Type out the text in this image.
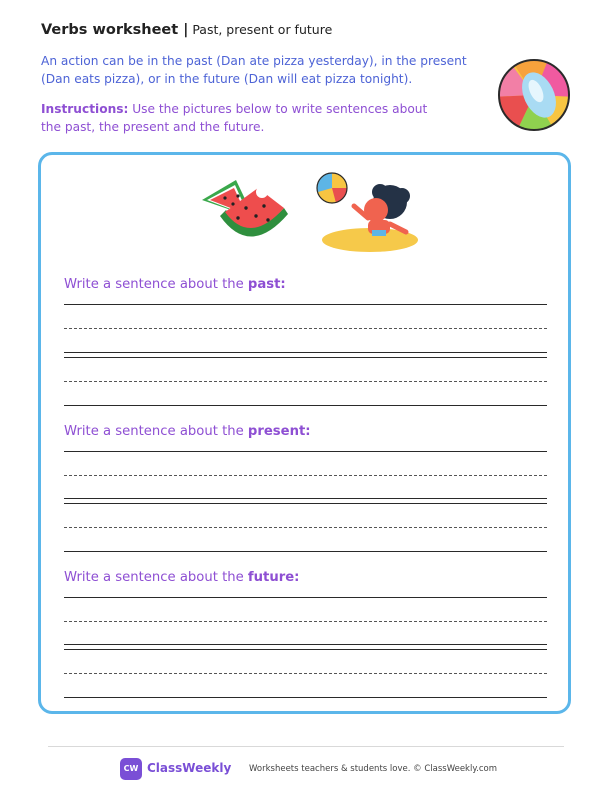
Verbs worksheet | Past, present or future
An action can be in the past (Dan ate pizza yesterday), in the present (Dan eats pizza), or in the future (Dan will eat pizza tonight).
Instructions: Use the pictures below to write sentences about the past, the present and the future.
Write a sentence about the past:
Write a sentence about the present:
Write a sentence about the future:
CW ClassWeekly Worksheets teachers & students love. © ClassWeekly.com
